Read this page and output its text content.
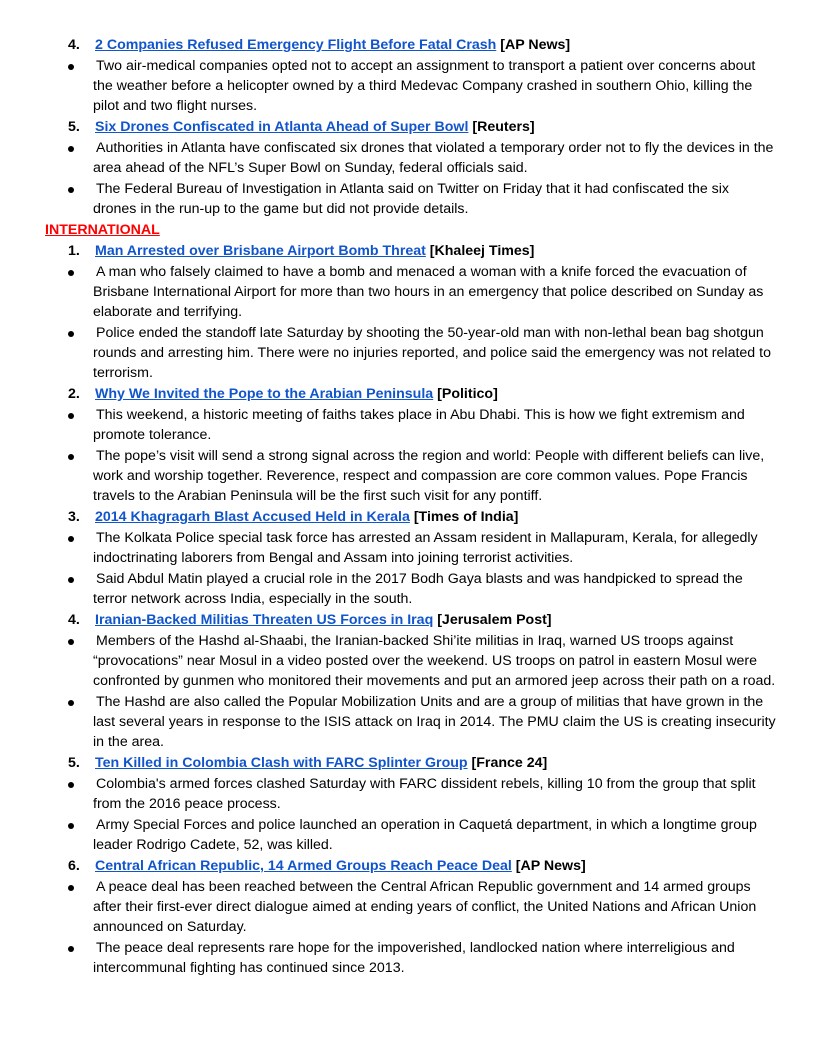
4. 2 Companies Refused Emergency Flight Before Fatal Crash [AP News]
Two air-medical companies opted not to accept an assignment to transport a patient over concerns about the weather before a helicopter owned by a third Medevac Company crashed in southern Ohio, killing the pilot and two flight nurses.
5. Six Drones Confiscated in Atlanta Ahead of Super Bowl [Reuters]
Authorities in Atlanta have confiscated six drones that violated a temporary order not to fly the devices in the area ahead of the NFL’s Super Bowl on Sunday, federal officials said.
The Federal Bureau of Investigation in Atlanta said on Twitter on Friday that it had confiscated the six drones in the run-up to the game but did not provide details.
INTERNATIONAL
1. Man Arrested over Brisbane Airport Bomb Threat [Khaleej Times]
A man who falsely claimed to have a bomb and menaced a woman with a knife forced the evacuation of Brisbane International Airport for more than two hours in an emergency that police described on Sunday as elaborate and terrifying.
Police ended the standoff late Saturday by shooting the 50-year-old man with non-lethal bean bag shotgun rounds and arresting him. There were no injuries reported, and police said the emergency was not related to terrorism.
2. Why We Invited the Pope to the Arabian Peninsula [Politico]
This weekend, a historic meeting of faiths takes place in Abu Dhabi. This is how we fight extremism and promote tolerance.
The pope’s visit will send a strong signal across the region and world: People with different beliefs can live, work and worship together. Reverence, respect and compassion are core common values. Pope Francis travels to the Arabian Peninsula will be the first such visit for any pontiff.
3. 2014 Khagragarh Blast Accused Held in Kerala [Times of India]
The Kolkata Police special task force has arrested an Assam resident in Mallapuram, Kerala, for allegedly indoctrinating laborers from Bengal and Assam into joining terrorist activities.
Said Abdul Matin played a crucial role in the 2017 Bodh Gaya blasts and was handpicked to spread the terror network across India, especially in the south.
4. Iranian-Backed Militias Threaten US Forces in Iraq [Jerusalem Post]
Members of the Hashd al-Shaabi, the Iranian-backed Shi’ite militias in Iraq, warned US troops against “provocations” near Mosul in a video posted over the weekend. US troops on patrol in eastern Mosul were confronted by gunmen who monitored their movements and put an armored jeep across their path on a road.
The Hashd are also called the Popular Mobilization Units and are a group of militias that have grown in the last several years in response to the ISIS attack on Iraq in 2014. The PMU claim the US is creating insecurity in the area.
5. Ten Killed in Colombia Clash with FARC Splinter Group [France 24]
Colombia's armed forces clashed Saturday with FARC dissident rebels, killing 10 from the group that split from the 2016 peace process.
Army Special Forces and police launched an operation in Caquetá department, in which a longtime group leader Rodrigo Cadete, 52, was killed.
6. Central African Republic, 14 Armed Groups Reach Peace Deal [AP News]
A peace deal has been reached between the Central African Republic government and 14 armed groups after their first-ever direct dialogue aimed at ending years of conflict, the United Nations and African Union announced on Saturday.
The peace deal represents rare hope for the impoverished, landlocked nation where interreligious and intercommunal fighting has continued since 2013.
